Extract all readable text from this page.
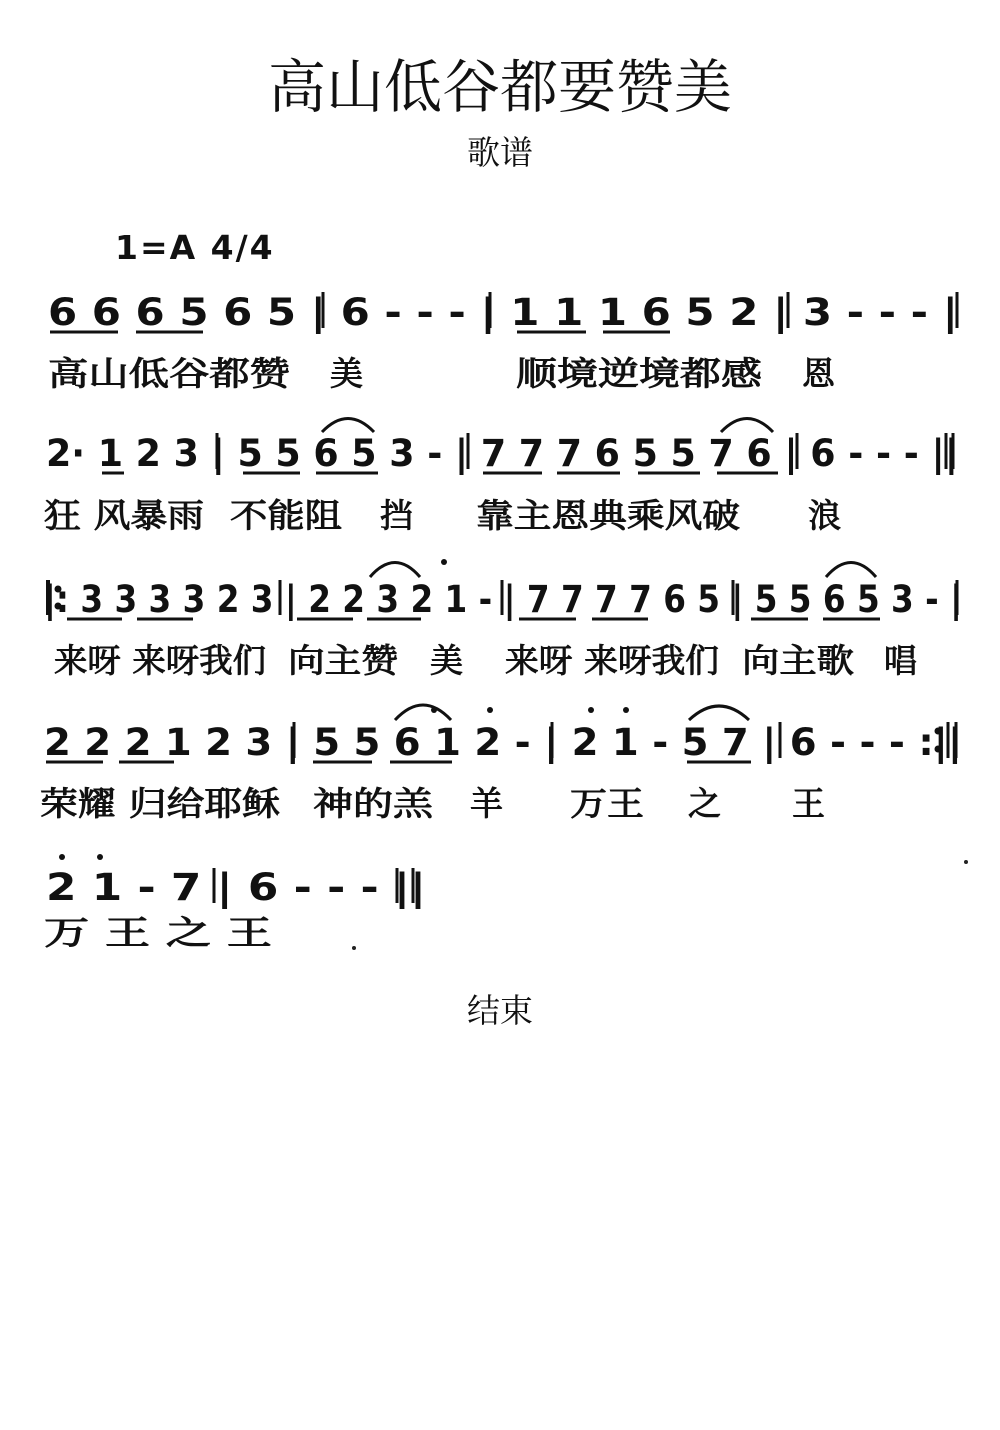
高山低谷都要赞美
歌谱
1=A 4/4
6 6 6 5 6 5 | 6 - - - | 1 1 1 6 5 2 | 3 - - - |
高山低谷都赞 美	顺境逆境都感 恩
2· 1 2 3 | 5 5 6 5 3 - | 7 7 7 6 5 5 7 6 | 6 - - - ||
狂 风暴雨 不能阻 挡 靠主恩典乘风破 浪
|: 3 3 3 3 2 3 | 2 2 3 2 1 - | 7 7 7 7 6 5 | 5 5 6 5 3 - |
来呀 来呀我们 向主赞 美 来呀 来呀我们 向主歌 唱
2 2 2 1 2 3 | 5 5 6 1 2 - | 2 1 - 5 7 | 6 - - - :||
荣耀 归给耶稣 神的羔 羊 万王 之 王
2 1 - 7 | 6 - - - ||
万 王 之 王
结束
